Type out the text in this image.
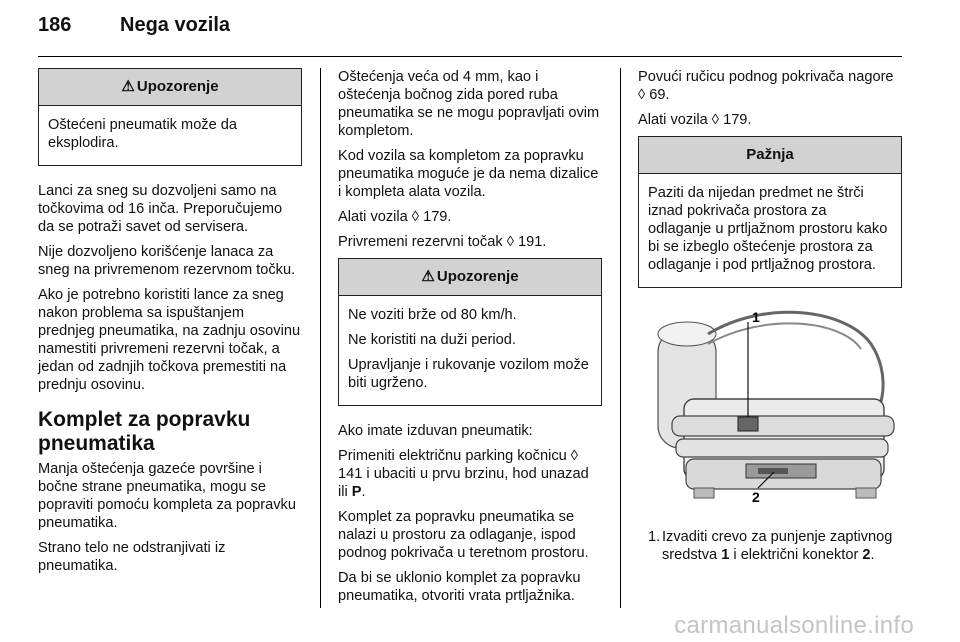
186 Nega vozila
⚠ Upozorenje

Oštećeni pneumatik može da eksplodira.

Lanci za sneg su dozvoljeni samo na točkovima od 16 inča. Preporučujemo da se potraži savet od servisera.

Nije dozvoljeno korišćenje lanaca za sneg na privremenom rezervnom točku.

Ako je potrebno koristiti lance za sneg nakon problema sa ispuštanjem prednjeg pneumatika, na zadnju osovinu namestiti privremeni rezervni točak, a jedan od zadnjih točkova premestiti na prednju osovinu.

Komplet za popravku pneumatika

Manja oštećenja gazeće površine i bočne strane pneumatika, mogu se popraviti pomoću kompleta za popravku pneumatika.

Strano telo ne odstranjivati iz pneumatika.

Oštećenja veća od 4 mm, kao i oštećenja bočnog zida pored ruba pneumatika se ne mogu popravljati ovim kompletom.

Kod vozila sa kompletom za popravku pneumatika moguće je da nema dizalice i kompleta alata vozila.

Alati vozila ◊ 179.

Privremeni rezervni točak ◊ 191.

⚠ Upozorenje

Ne voziti brže od 80 km/h.

Ne koristiti na duži period.

Upravljanje i rukovanje vozilom može biti ugrženo.

Ako imate izduvan pneumatik:

Primeniti električnu parking kočnicu ◊ 141 i ubaciti u prvu brzinu, hod unazad ili P.

Komplet za popravku pneumatika se nalazi u prostoru za odlaganje, ispod podnog pokrivača u teretnom prostoru.

Da bi se uklonio komplet za popravku pneumatika, otvoriti vrata prtljažnika.

Povući ručicu podnog pokrivača nagore ◊ 69.

Alati vozila ◊ 179.

Pažnja

Paziti da nijedan predmet ne štrči iznad pokrivača prostora za odlaganje u prtljažnom prostoru kako bi se izbeglo oštećenje prostora za odlaganje i pod prtljažnog prostora.

1
2
1. Izvaditi crevo za punjenje zaptivnog sredstva 1 i električni konektor 2.
carmanualsonline.info
